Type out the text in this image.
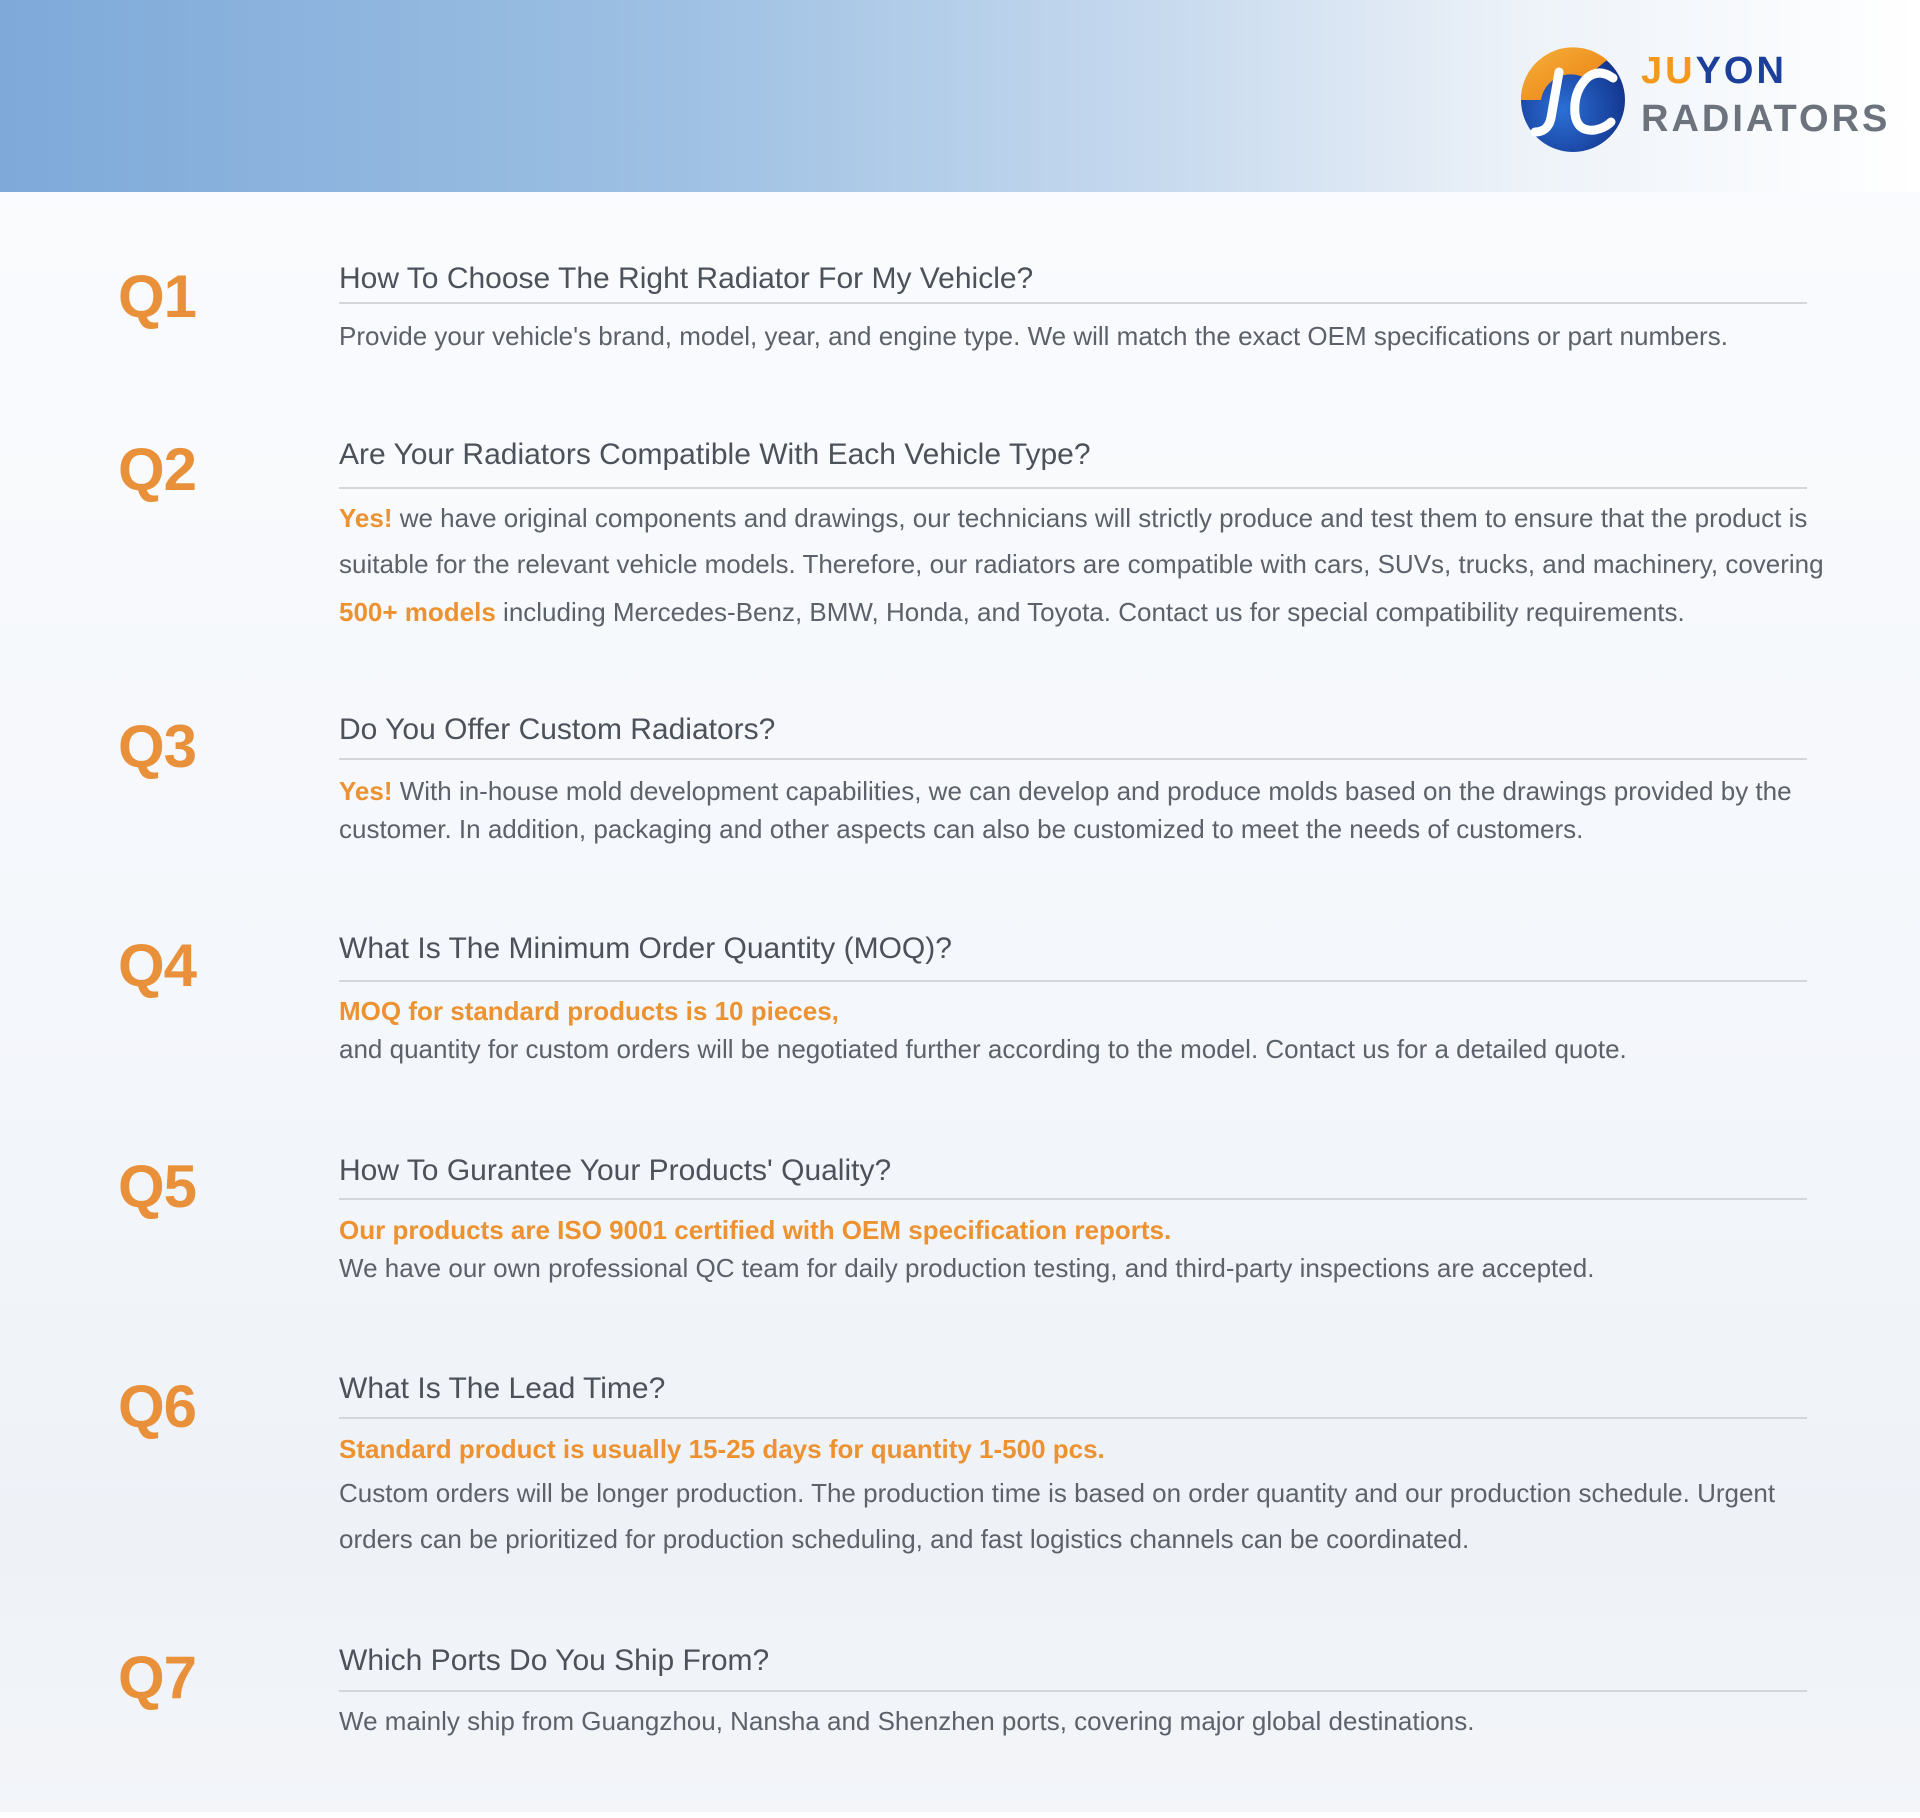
JUYON
RADIATORS
Q1	How To Choose The Right Radiator For My Vehicle?
Provide your vehicle's brand, model, year, and engine type. We will match the exact OEM specifications or part numbers.
Q2	Are Your Radiators Compatible With Each Vehicle Type?
Yes! we have original components and drawings, our technicians will strictly produce and test them to ensure that the product is
suitable for the relevant vehicle models. Therefore, our radiators are compatible with cars, SUVs, trucks, and machinery, covering
500+ models including Mercedes-Benz, BMW, Honda, and Toyota. Contact us for special compatibility requirements.
Q3	Do You Offer Custom Radiators?
Yes! With in-house mold development capabilities, we can develop and produce molds based on the drawings provided by the
customer. In addition, packaging and other aspects can also be customized to meet the needs of customers.
Q4	What Is The Minimum Order Quantity (MOQ)?
MOQ for standard products is 10 pieces,
and quantity for custom orders will be negotiated further according to the model. Contact us for a detailed quote.
Q5	How To Gurantee Your Products' Quality?
Our products are ISO 9001 certified with OEM specification reports.
We have our own professional QC team for daily production testing, and third-party inspections are accepted.
Q6	What Is The Lead Time?
Standard product is usually 15-25 days for quantity 1-500 pcs.
Custom orders will be longer production. The production time is based on order quantity and our production schedule. Urgent
orders can be prioritized for production scheduling, and fast logistics channels can be coordinated.
Q7	Which Ports Do You Ship From?
We mainly ship from Guangzhou, Nansha and Shenzhen ports, covering major global destinations.
